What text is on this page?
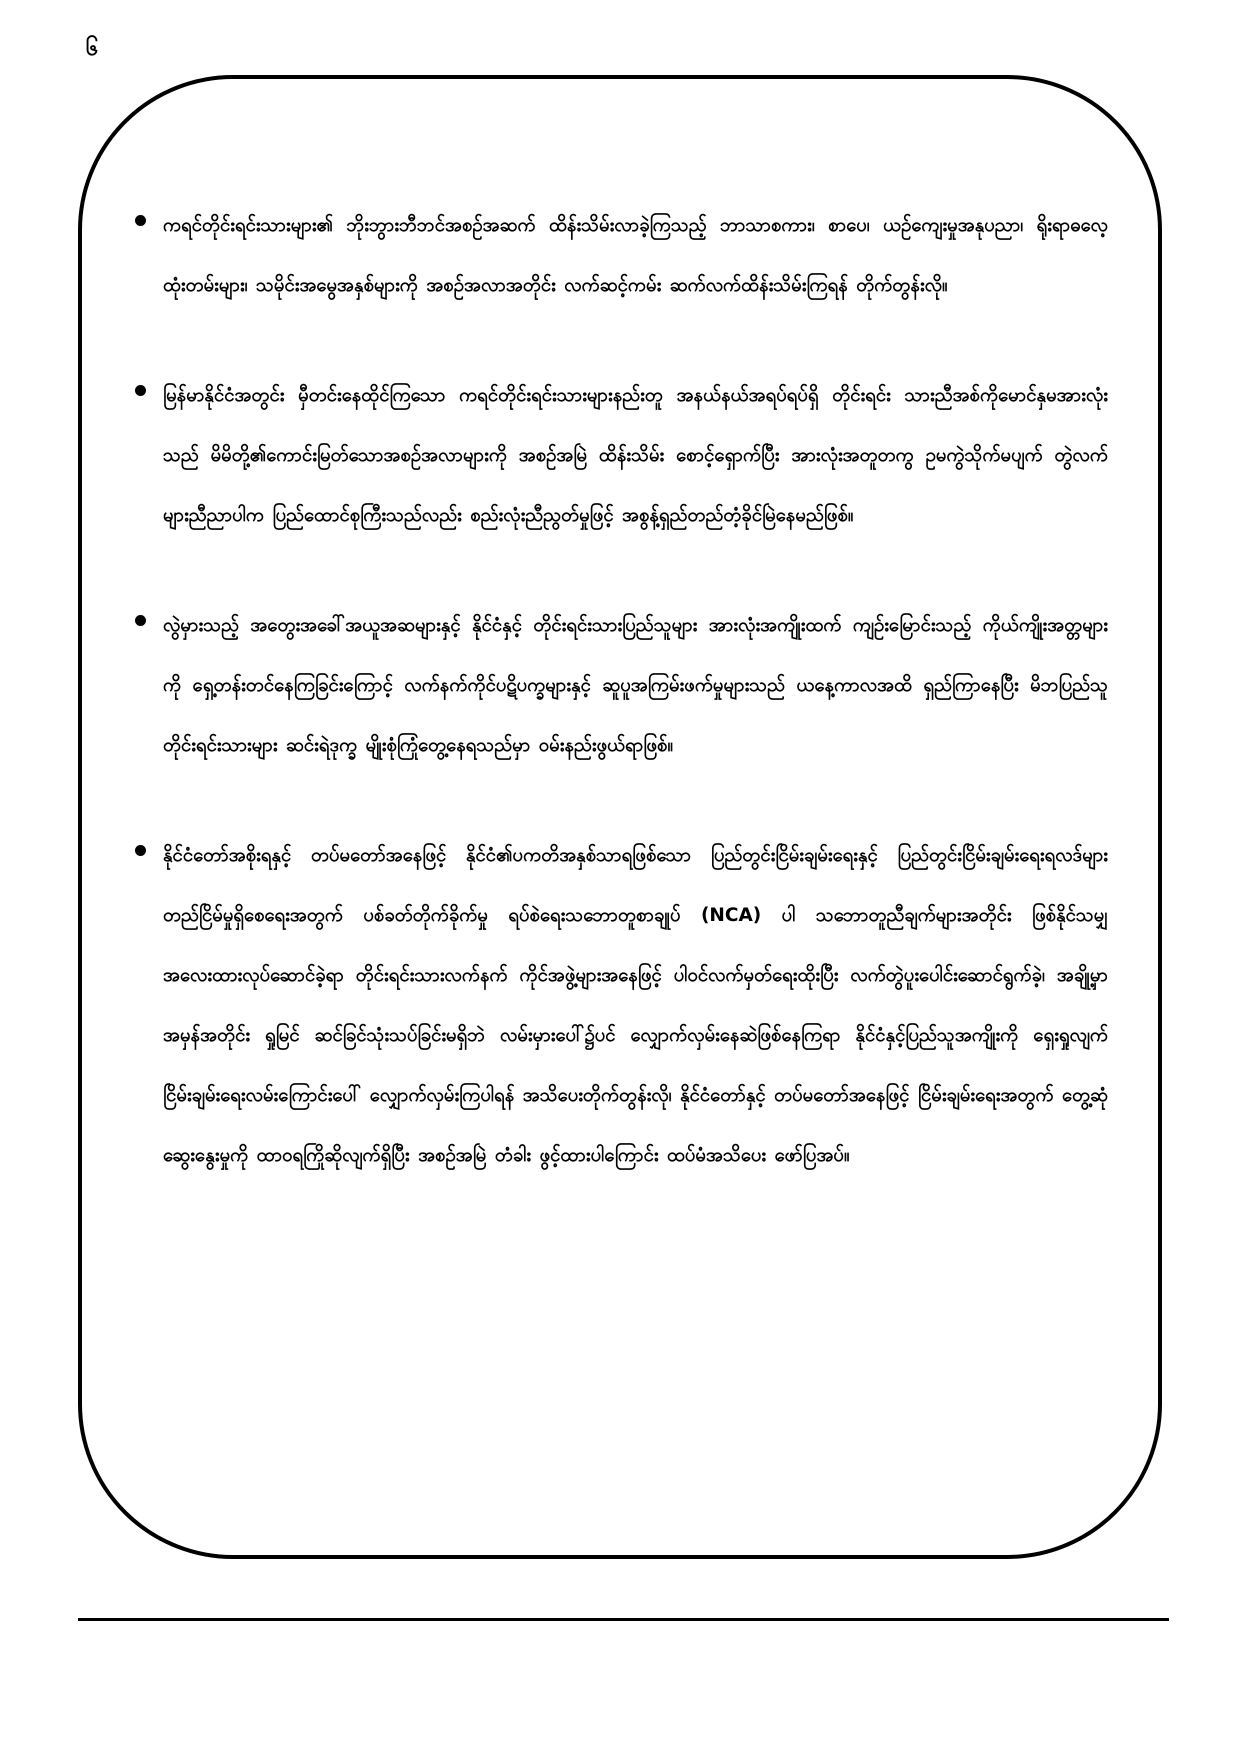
၆
ကရင်တိုင်းရင်းသားများ၏ ဘိုးဘွားဘီဘင်အစဉ်အဆက် ထိန်းသိမ်းလာခဲ့ကြသည့် ဘာသာစကား၊ စာပေ၊ ယဉ်ကျေးမှုအနုပညာ၊ ရိုးရာဓလေ့ထုံးတမ်းများ၊ သမိုင်းအမွေအနှစ်များကို အစဉ်အလာအတိုင်း လက်ဆင့်ကမ်း ဆက်လက်ထိန်းသိမ်းကြရန် တိုက်တွန်းလို။
မြန်မာနိုင်ငံအတွင်း မှီတင်းနေထိုင်ကြသော ကရင်တိုင်းရင်းသားများနည်းတူ အနယ်နယ်အရပ်ရပ်ရှိ တိုင်းရင်း သားညီအစ်ကိုမောင်နှမအားလုံးသည် မိမိတို့၏ကောင်းမြတ်သောအစဉ်အလာများကို အစဉ်အမြဲ ထိန်းသိမ်း စောင့်ရှောက်ပြီး အားလုံးအတူတကွ ဥမကွဲသိုက်မပျက် တွဲလက်များညီညာပါက ပြည်ထောင်စုကြီးသည်လည်း စည်းလုံးညီညွတ်မှုဖြင့် အစွန့်ရှည်တည်တံ့ခိုင်မြဲနေမည်ဖြစ်။
လွဲမှားသည့် အတွေးအခေါ်အယူအဆများနှင့် နိုင်ငံနှင့် တိုင်းရင်းသားပြည်သူများ အားလုံးအကျိုးထက် ကျဉ်းမြောင်းသည့် ကိုယ်ကျိုးအတ္တများကို ရှေ့တန်းတင်နေကြခြင်းကြောင့် လက်နက်ကိုင်ပဋိပက္ခများနှင့် ဆူပူအကြမ်းဖက်မှုများသည် ယနေ့ကာလအထိ ရှည်ကြာနေပြီး မိဘပြည်သူတိုင်းရင်းသားများ ဆင်းရဲဒုက္ခ မျိုးစုံကြုံတွေ့နေရသည်မှာ ဝမ်းနည်းဖွယ်ရာဖြစ်။
နိုင်ငံတော်အစိုးရနှင့် တပ်မတော်အနေဖြင့် နိုင်ငံ၏ပကတိအနှစ်သာရဖြစ်သော ပြည်တွင်းငြိမ်းချမ်းရေးနှင့် ပြည်တွင်းငြိမ်းချမ်းရေးရလဒ်များ တည်ငြိမ်မှုရှိစေရေးအတွက် ပစ်ခတ်တိုက်ခိုက်မှု ရပ်စဲရေးသဘောတူစာချုပ် (NCA) ပါ သဘောတူညီချက်များအတိုင်း ဖြစ်နိုင်သမျှ အလေးထားလုပ်ဆောင်ခဲ့ရာ တိုင်းရင်းသားလက်နက် ကိုင်အဖွဲ့များအနေဖြင့် ပါဝင်လက်မှတ်ရေးထိုးပြီး လက်တွဲပူးပေါင်းဆောင်ရွက်ခဲ့၊ အချို့မှာ အမှန်အတိုင်း ရှုမြင် ဆင်ခြင်သုံးသပ်ခြင်းမရှိဘဲ လမ်းမှားပေါ်၌ပင် လျှောက်လှမ်းနေဆဲဖြစ်နေကြရာ နိုင်ငံနှင့်ပြည်သူအကျိုးကို ရှေးရှုလျက် ငြိမ်းချမ်းရေးလမ်းကြောင်းပေါ် လျှောက်လှမ်းကြပါရန် အသိပေးတိုက်တွန်းလို၊ နိုင်ငံတော်နှင့် တပ်မတော်အနေဖြင့် ငြိမ်းချမ်းရေးအတွက် တွေ့ဆုံဆွေးနွေးမှုကို ထာဝရကြိုဆိုလျက်ရှိပြီး အစဉ်အမြဲ တံခါး ဖွင့်ထားပါကြောင်း ထပ်မံအသိပေး ဖော်ပြအပ်။
